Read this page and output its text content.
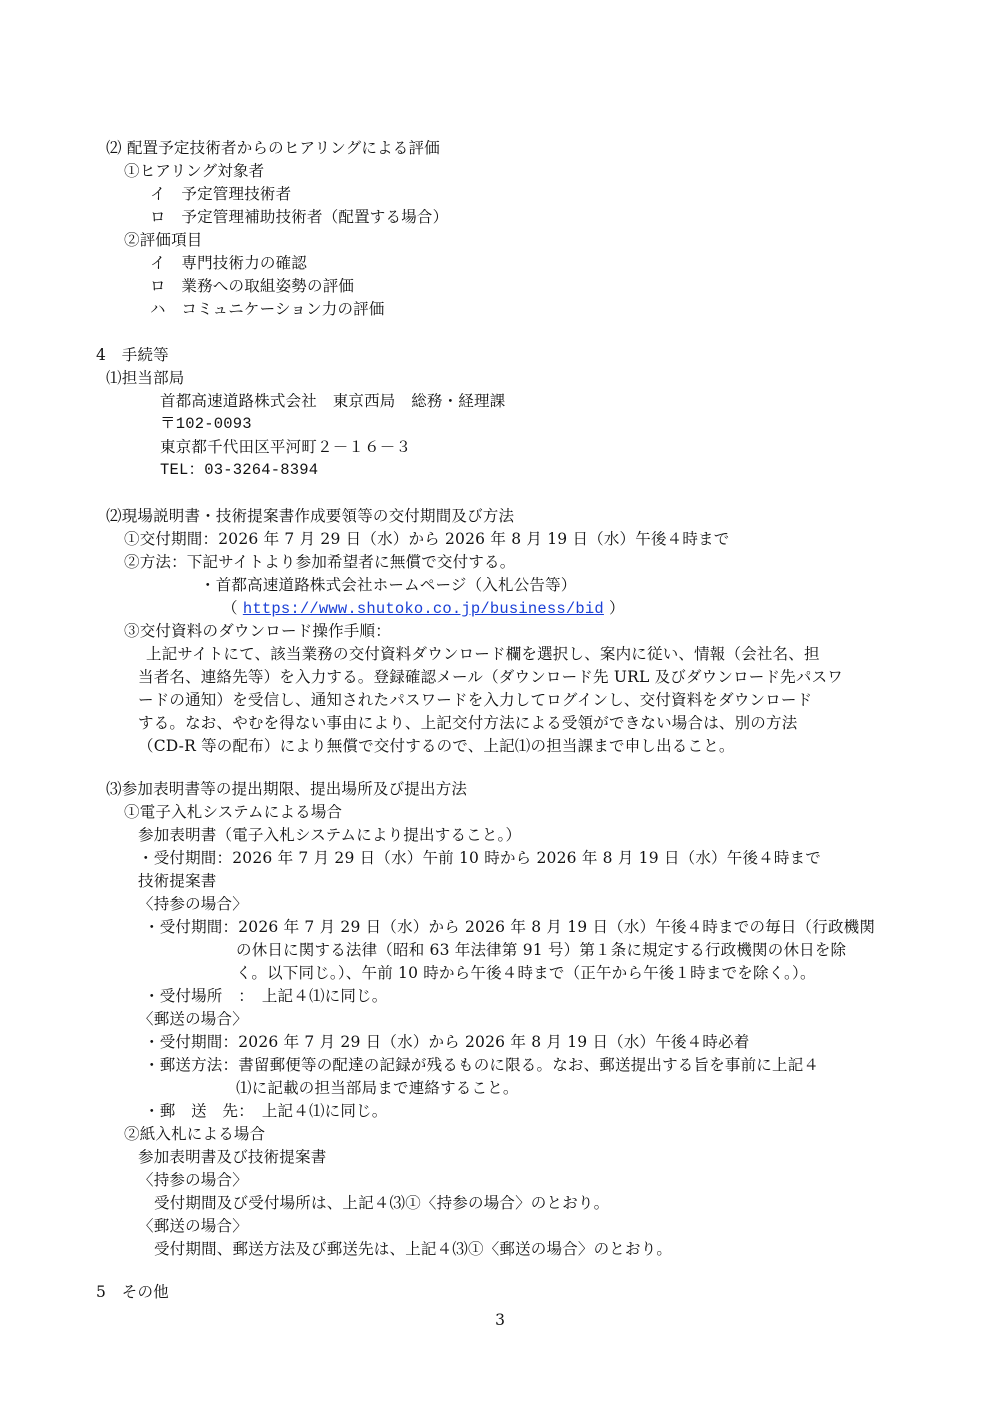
⑵ 配置予定技術者からのヒアリングによる評価
①ヒアリング対象者
イ　予定管理技術者
ロ　予定管理補助技術者（配置する場合）
②評価項目
イ　専門技術力の確認
ロ　業務への取組姿勢の評価
ハ　コミュニケーション力の評価
4　手続等
⑴担当部局
首都高速道路株式会社　東京西局　総務・経理課
〒102-0093
東京都千代田区平河町２－１６－３
TEL：03-3264-8394
⑵現場説明書・技術提案書作成要領等の交付期間及び方法
①交付期間：2026 年 7 月 29 日（水）から 2026 年 8 月 19 日（水）午後４時まで
②方法：下記サイトより参加希望者に無償で交付する。
・首都高速道路株式会社ホームページ（入札公告等）
（ https://www.shutoko.co.jp/business/bid ）
③交付資料のダウンロード操作手順：
上記サイトにて、該当業務の交付資料ダウンロード欄を選択し、案内に従い、情報（会社名、担
当者名、連絡先等）を入力する。登録確認メール（ダウンロード先 URL 及びダウンロード先パスワ
ードの通知）を受信し、通知されたパスワードを入力してログインし、交付資料をダウンロード
する。なお、やむを得ない事由により、上記交付方法による受領ができない場合は、別の方法
（CD-R 等の配布）により無償で交付するので、上記⑴の担当課まで申し出ること。
⑶参加表明書等の提出期限、提出場所及び提出方法
①電子入札システムによる場合
参加表明書（電子入札システムにより提出すること。）
・受付期間：2026 年 7 月 29 日（水）午前 10 時から 2026 年 8 月 19 日（水）午後４時まで
技術提案書
〈持参の場合〉
・受付期間：2026 年 7 月 29 日（水）から 2026 年 8 月 19 日（水）午後４時までの毎日（行政機関
の休日に関する法律（昭和 63 年法律第 91 号）第１条に規定する行政機関の休日を除
く。以下同じ。）、午前 10 時から午後４時まで（正午から午後１時までを除く。）。
・受付場所　：　上記４⑴に同じ。
〈郵送の場合〉
・受付期間：2026 年 7 月 29 日（水）から 2026 年 8 月 19 日（水）午後４時必着
・郵送方法：書留郵便等の配達の記録が残るものに限る。なお、郵送提出する旨を事前に上記４
⑴に記載の担当部局まで連絡すること。
・郵　送　先：　上記４⑴に同じ。
②紙入札による場合
参加表明書及び技術提案書
〈持参の場合〉
受付期間及び受付場所は、上記４⑶①〈持参の場合〉のとおり。
〈郵送の場合〉
受付期間、郵送方法及び郵送先は、上記４⑶①〈郵送の場合〉のとおり。
5　その他
3
